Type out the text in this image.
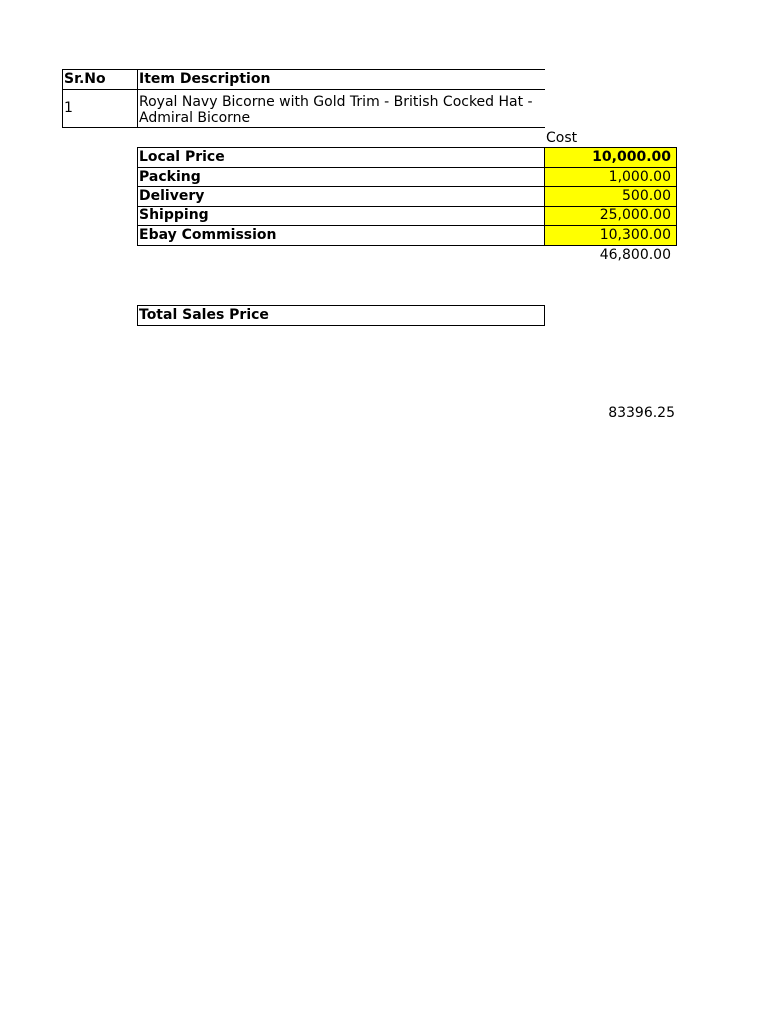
Sr.No	Item Description
1	Royal Navy Bicorne with Gold Trim - British Cocked Hat -
Admiral Bicorne
Cost
Local Price	10,000.00
Packing	1,000.00
Delivery	500.00
Shipping	25,000.00
Ebay Commission	10,300.00
46,800.00
Total Sales Price
83396.25
